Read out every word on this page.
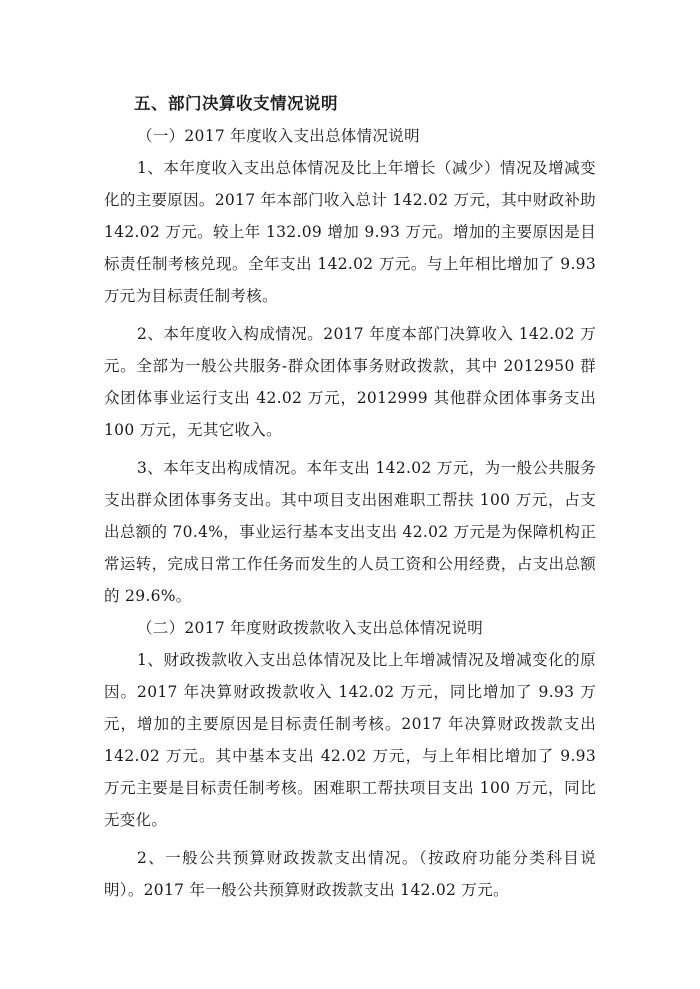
五、部门决算收支情况说明

（一）2017 年度收入支出总体情况说明

1、本年度收入支出总体情况及比上年增长（减少）情况及增减变化的主要原因。2017 年本部门收入总计 142.02 万元，其中财政补助 142.02 万元。较上年 132.09 增加 9.93 万元。增加的主要原因是目标责任制考核兑现。全年支出 142.02 万元。与上年相比增加了 9.93 万元为目标责任制考核。

2、本年度收入构成情况。2017 年度本部门决算收入 142.02 万元。全部为一般公共服务-群众团体事务财政拨款，其中 2012950 群众团体事业运行支出 42.02 万元，2012999 其他群众团体事务支出 100 万元，无其它收入。

3、本年支出构成情况。本年支出 142.02 万元，为一般公共服务支出群众团体事务支出。其中项目支出困难职工帮扶 100 万元，占支出总额的 70.4%，事业运行基本支出支出 42.02 万元是为保障机构正常运转，完成日常工作任务而发生的人员工资和公用经费，占支出总额的 29.6%。

（二）2017 年度财政拨款收入支出总体情况说明

1、财政拨款收入支出总体情况及比上年增减情况及增减变化的原因。2017 年决算财政拨款收入 142.02 万元，同比增加了 9.93 万元，增加的主要原因是目标责任制考核。2017 年决算财政拨款支出 142.02 万元。其中基本支出 42.02 万元，与上年相比增加了 9.93 万元主要是目标责任制考核。困难职工帮扶项目支出 100 万元，同比无变化。

2、一般公共预算财政拨款支出情况。（按政府功能分类科目说明）。2017 年一般公共预算财政拨款支出 142.02 万元。
